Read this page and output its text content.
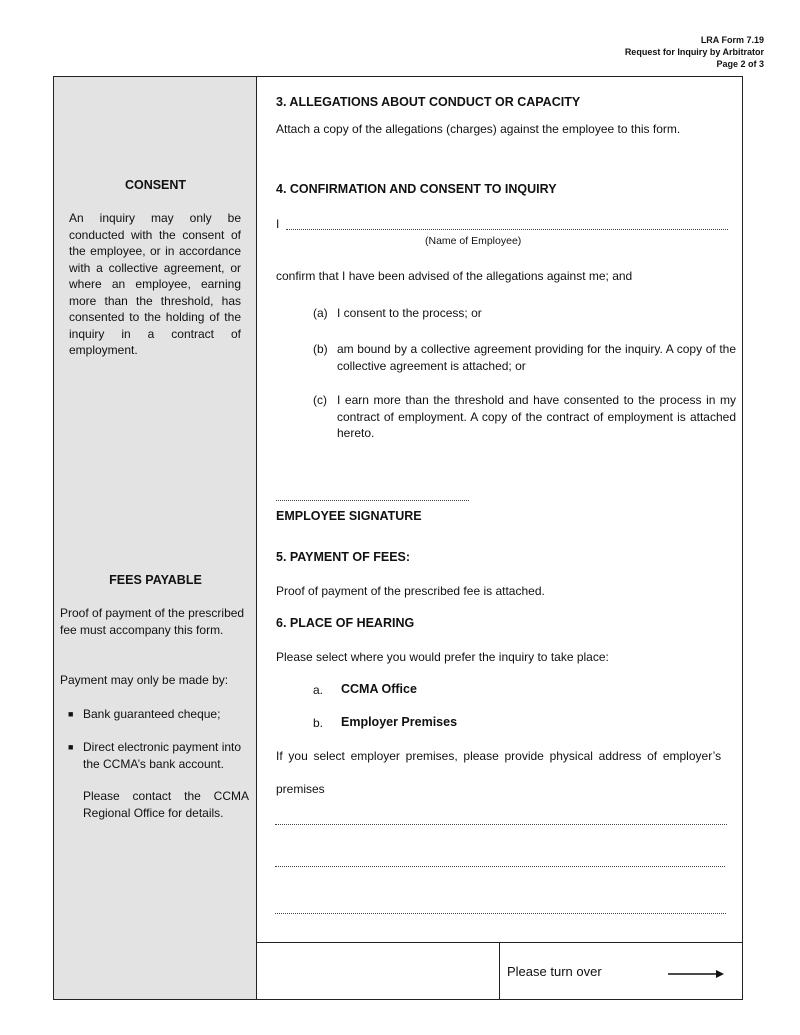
LRA Form 7.19
Request for Inquiry by Arbitrator
Page 2 of 3
CONSENT
An inquiry may only be conducted with the consent of the employee, or in accordance with a collective agreement, or where an employee, earning more than the threshold, has consented to the holding of the inquiry in a contract of employment.
FEES PAYABLE
Proof of payment of the prescribed fee must accompany this form.
Payment may only be made by:
■ Bank guaranteed cheque;
■ Direct electronic payment into the CCMA’s bank account.
Please contact the CCMA Regional Office for details.
3. ALLEGATIONS ABOUT CONDUCT OR CAPACITY
Attach a copy of the allegations (charges) against the employee to this form.
4. CONFIRMATION AND CONSENT TO INQUIRY
I
(Name of Employee)
confirm that I have been advised of the allegations against me; and
(a) I consent to the process; or
(b) am bound by a collective agreement providing for the inquiry. A copy of the collective agreement is attached; or
(c) I earn more than the threshold and have consented to the process in my contract of employment. A copy of the contract of employment is attached hereto.
EMPLOYEE SIGNATURE
5. PAYMENT OF FEES:
Proof of payment of the prescribed fee is attached.
6. PLACE OF HEARING
Please select where you would prefer the inquiry to take place:
a. CCMA Office
b. Employer Premises
If you select employer premises, please provide physical address of employer’s
premises
Please turn over
